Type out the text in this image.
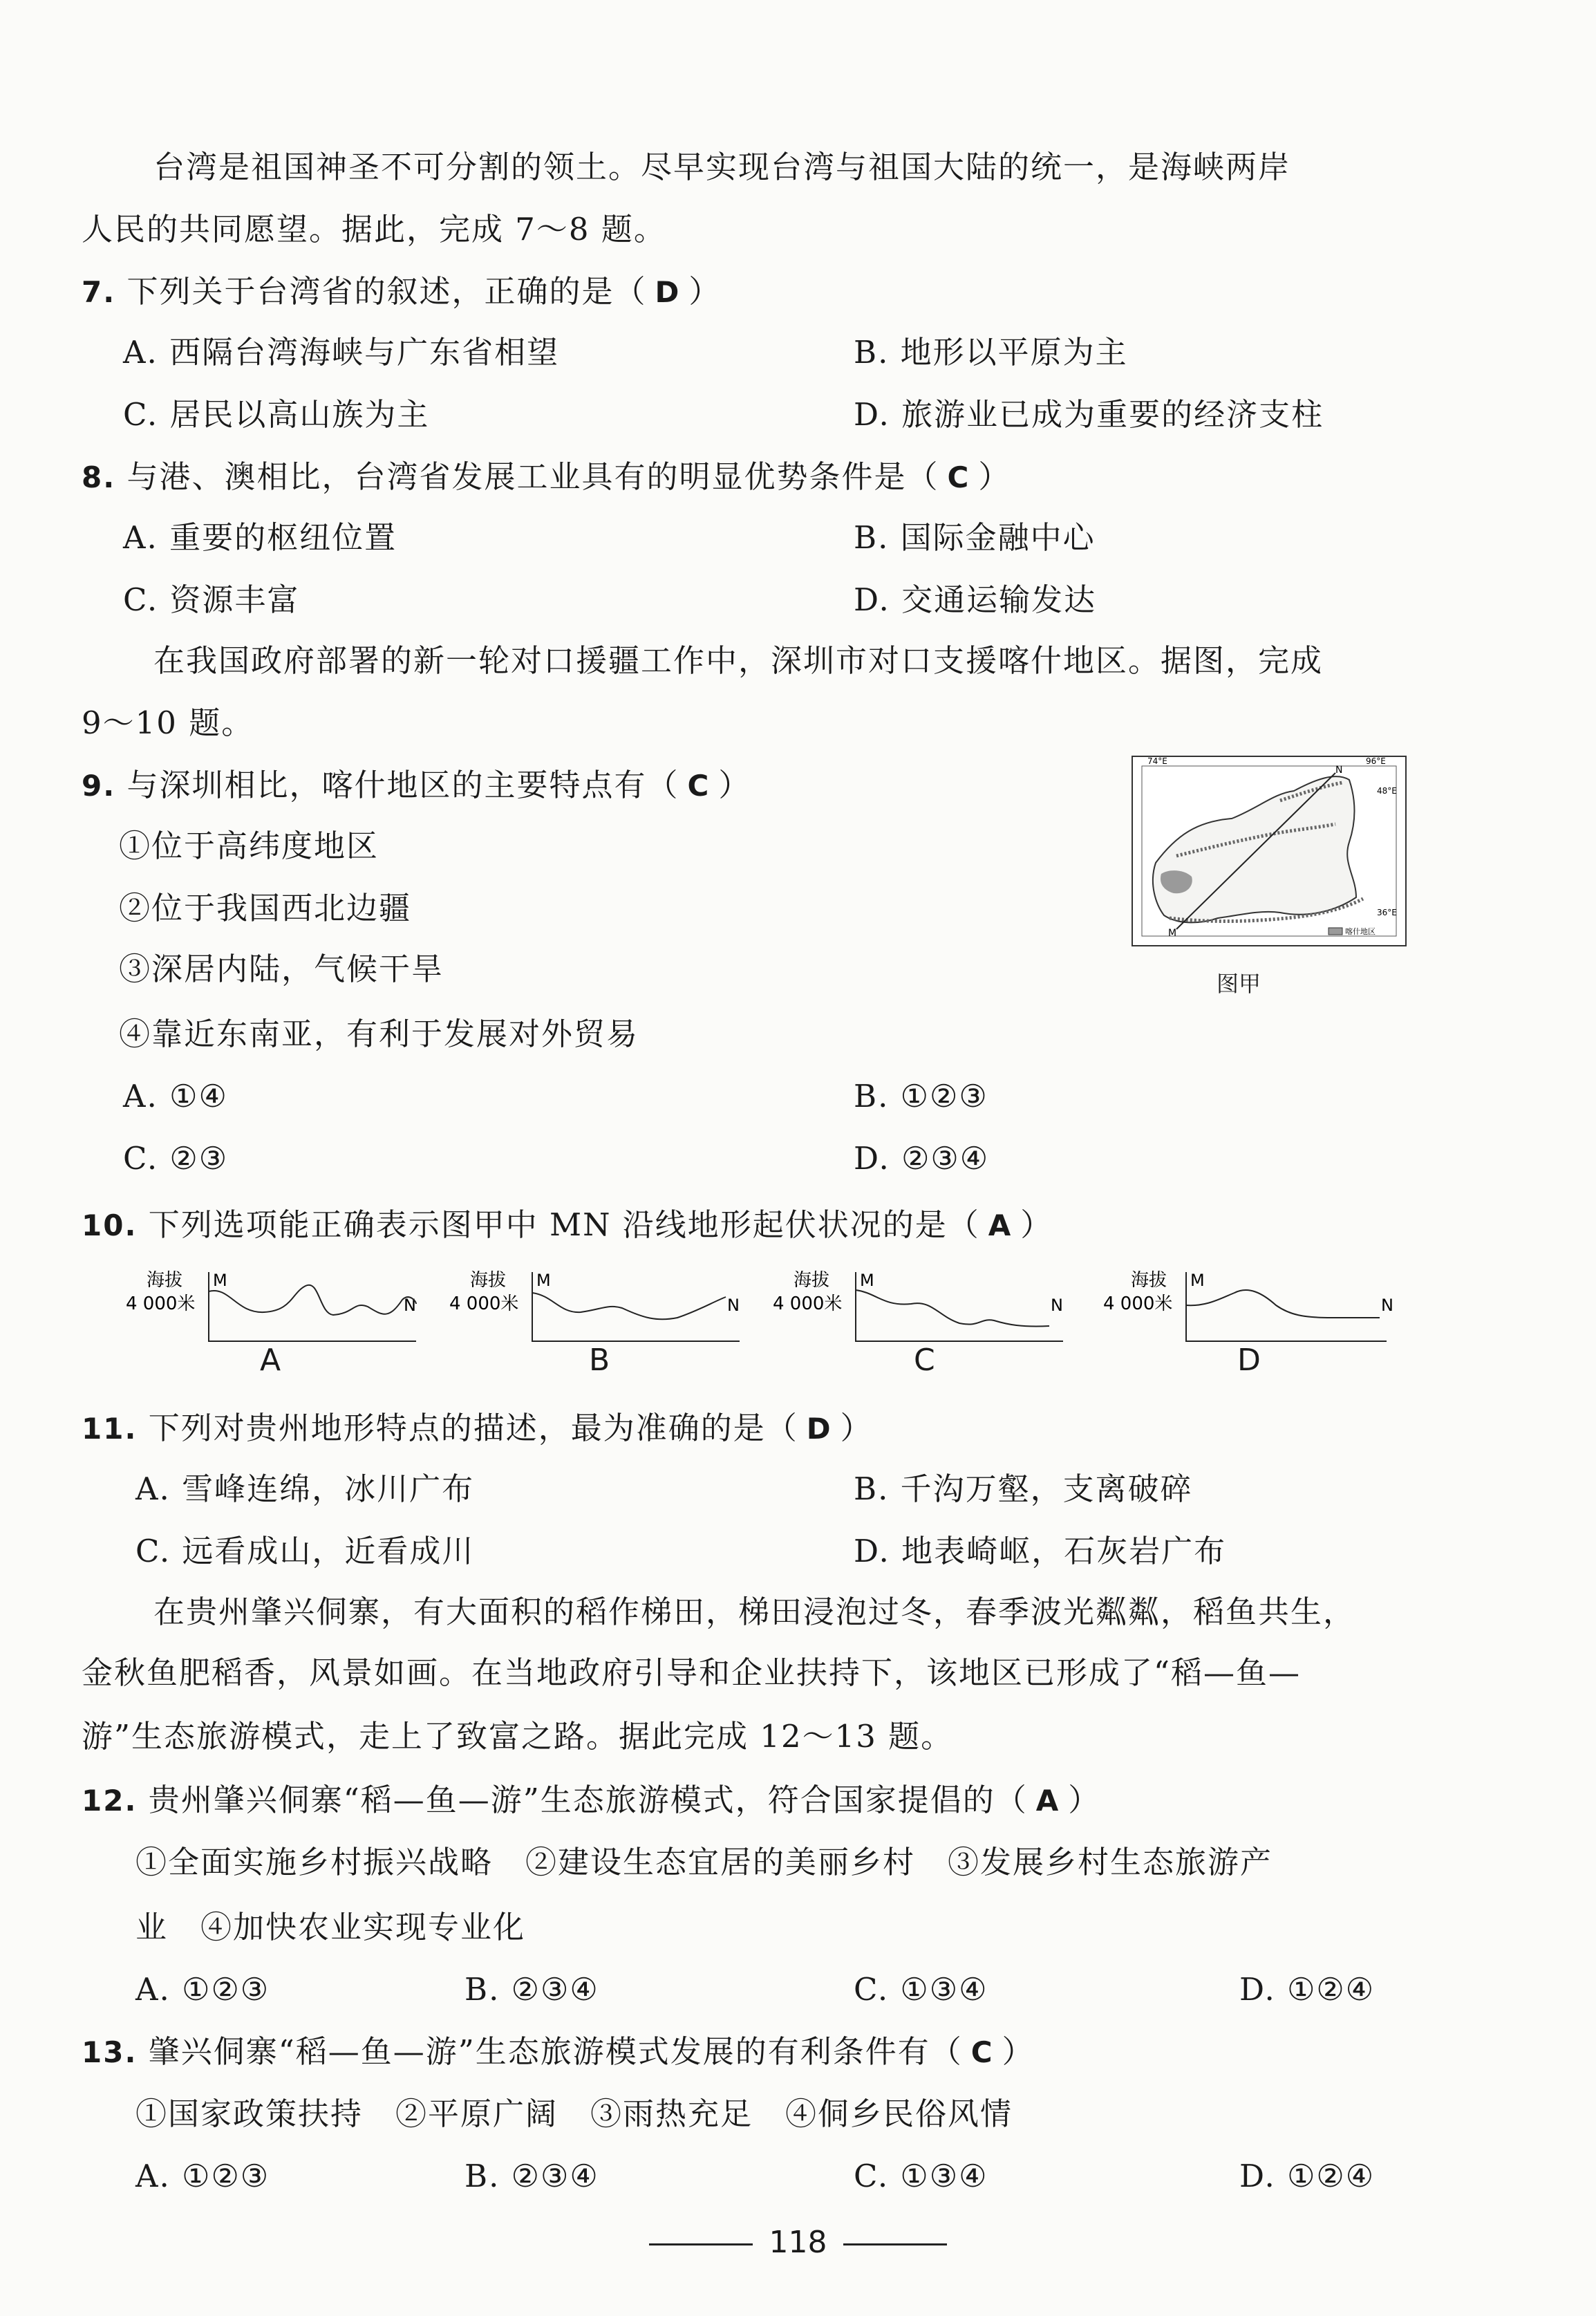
台湾是祖国神圣不可分割的领土。尽早实现台湾与祖国大陆的统一，是海峡两岸
人民的共同愿望。据此，完成 7～8 题。
7. 下列关于台湾省的叙述，正确的是（ D ）
A. 西隔台湾海峡与广东省相望	B. 地形以平原为主
C. 居民以高山族为主	D. 旅游业已成为重要的经济支柱
8. 与港、澳相比，台湾省发展工业具有的明显优势条件是（ C ）
A. 重要的枢纽位置	B. 国际金融中心
C. 资源丰富	D. 交通运输发达
在我国政府部署的新一轮对口援疆工作中，深圳市对口支援喀什地区。据图，完成
9～10 题。
9. 与深圳相比，喀什地区的主要特点有（ C ）
①位于高纬度地区
②位于我国西北边疆
③深居内陆，气候干旱
④靠近东南亚，有利于发展对外贸易
A. ①④	B. ①②③
C. ②③	D. ②③④
74°E	96°E
48°E
36°E
N
M	喀什地区
图甲
10. 下列选项能正确表示图甲中 MN 沿线地形起伏状况的是（ A ）
海拔
4 000米
M
N
海拔
4 000米
M
N
海拔
4 000米
M
N
海拔
4 000米
M
N
A	B	C	D
11. 下列对贵州地形特点的描述，最为准确的是（ D ）
A. 雪峰连绵，冰川广布	B. 千沟万壑，支离破碎
C. 远看成山，近看成川	D. 地表崎岖，石灰岩广布
在贵州肇兴侗寨，有大面积的稻作梯田，梯田浸泡过冬，春季波光粼粼，稻鱼共生，
金秋鱼肥稻香，风景如画。在当地政府引导和企业扶持下，该地区已形成了“稻—鱼—
游”生态旅游模式，走上了致富之路。据此完成 12～13 题。
12. 贵州肇兴侗寨“稻—鱼—游”生态旅游模式，符合国家提倡的（ A ）
①全面实施乡村振兴战略　②建设生态宜居的美丽乡村　③发展乡村生态旅游产
业　④加快农业实现专业化
A. ①②③	B. ②③④	C. ①③④	D. ①②④
13. 肇兴侗寨“稻—鱼—游”生态旅游模式发展的有利条件有（ C ）
①国家政策扶持　②平原广阔　③雨热充足　④侗乡民俗风情
A. ①②③	B. ②③④	C. ①③④	D. ①②④
118
